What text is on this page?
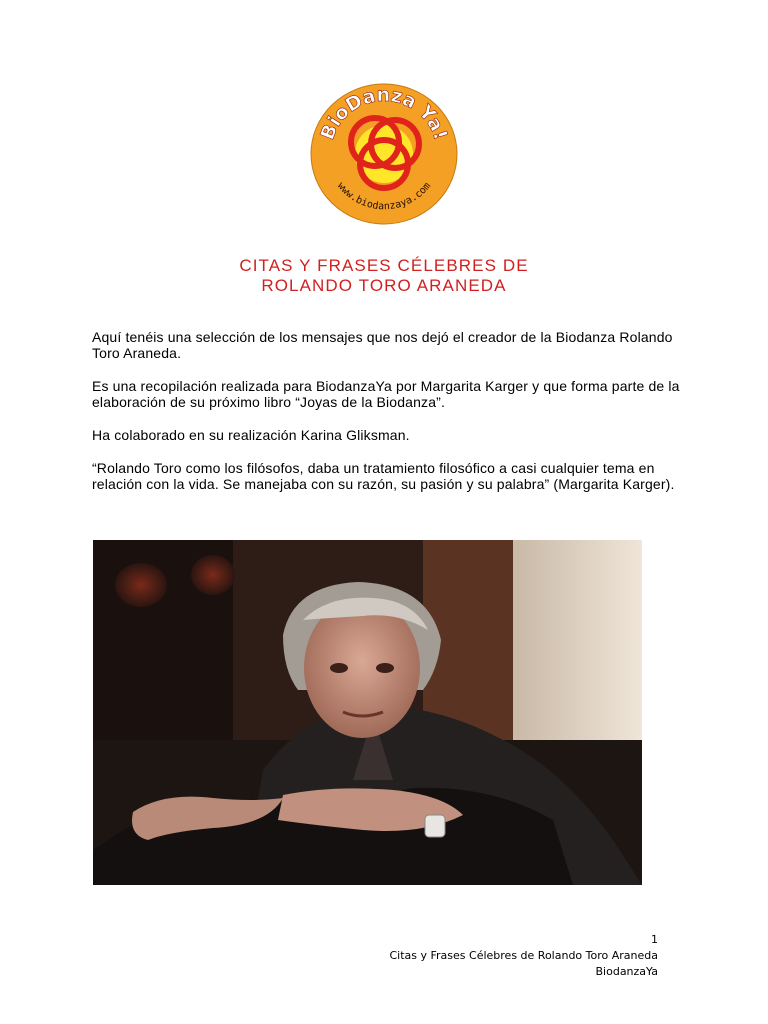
BioDanza Ya!
www.biodanzaya.com
CITAS Y FRASES CÉLEBRES DE
ROLANDO TORO ARANEDA

Aquí tenéis una selección de los mensajes que nos dejó el creador de la Biodanza Rolando Toro Araneda.

Es una recopilación realizada para BiodanzaYa por Margarita Karger y que forma parte de la elaboración de su próximo libro “Joyas de la Biodanza”.

Ha colaborado en su realización Karina Gliksman.

“Rolando Toro como los filósofos, daba un tratamiento filosófico a casi cualquier tema en relación con la vida. Se manejaba con su razón, su pasión y su palabra” (Margarita Karger).

1
Citas y Frases Célebres de Rolando Toro Araneda
BiodanzaYa
